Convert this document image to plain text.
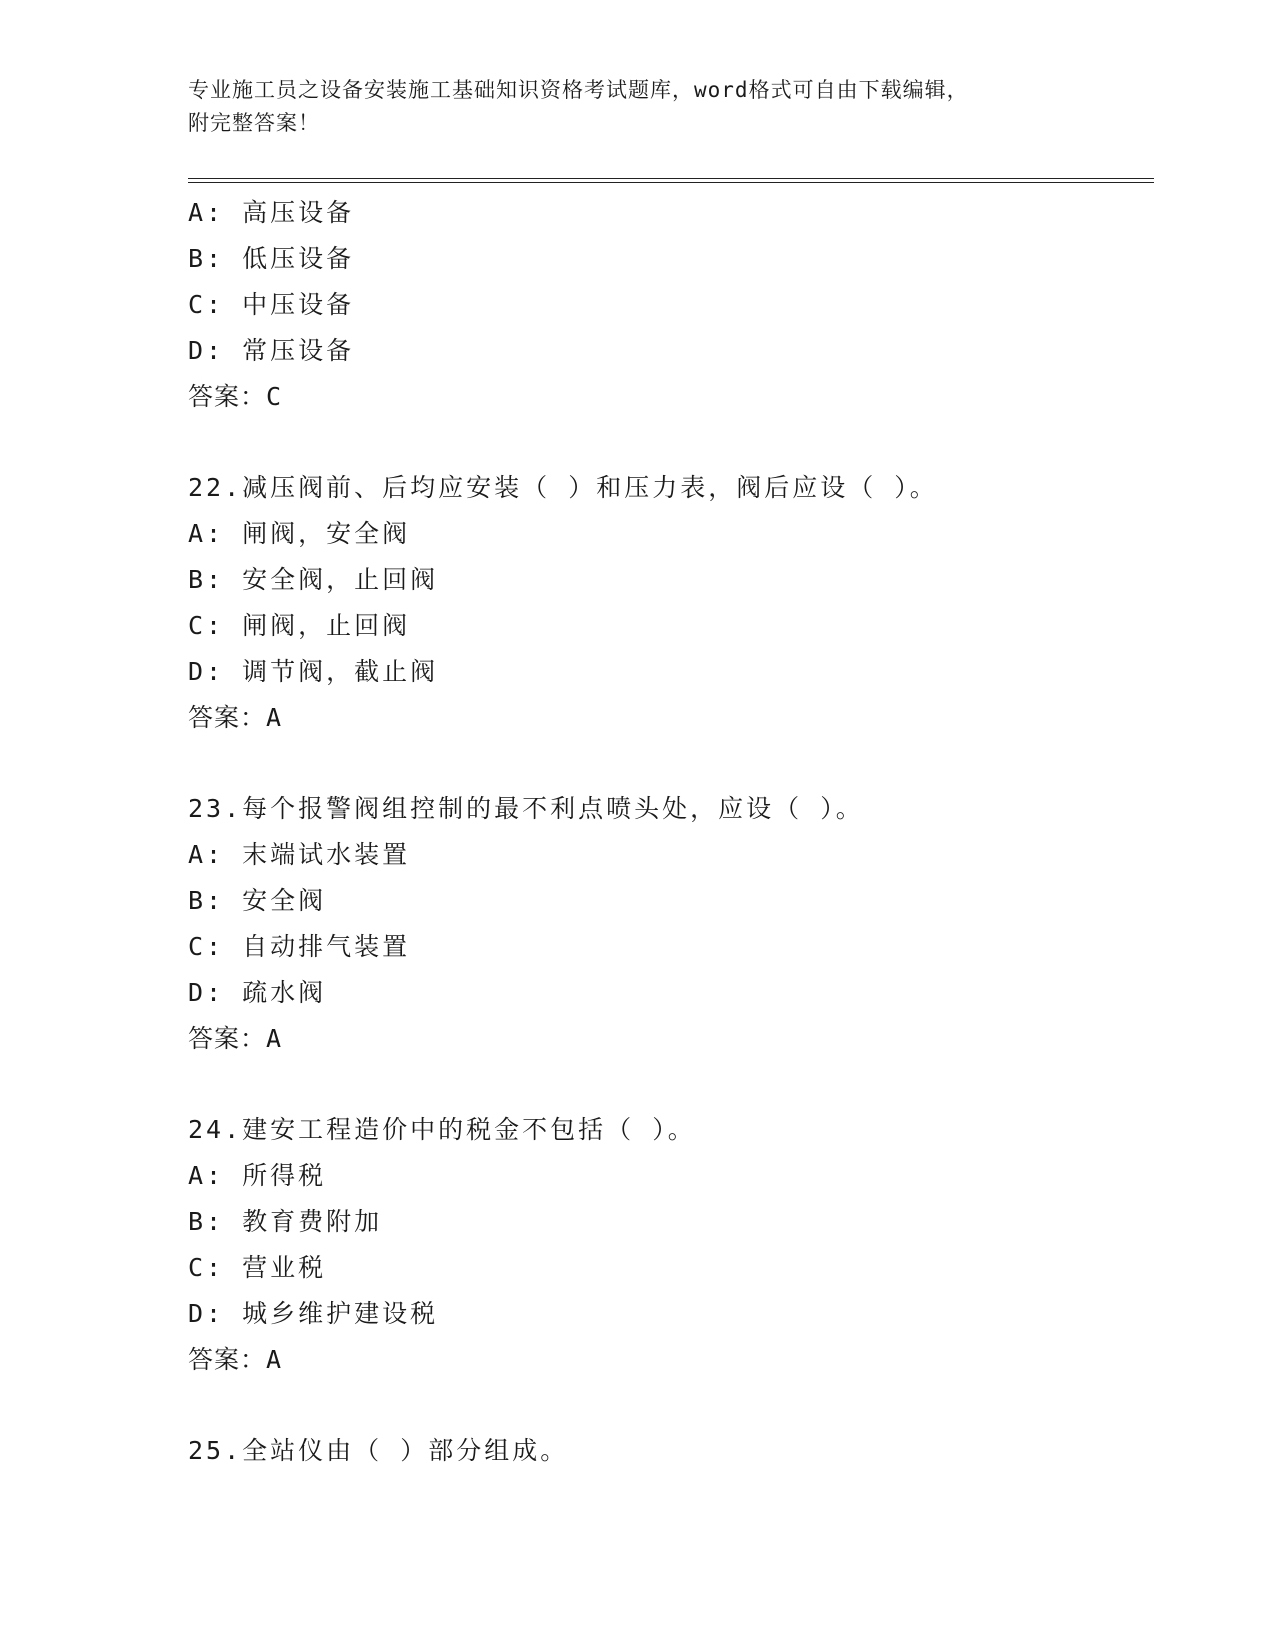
专业施工员之设备安装施工基础知识资格考试题库，word格式可自由下载编辑，
附完整答案！
A: 高压设备
B: 低压设备
C: 中压设备
D: 常压设备
答案：C
22.减压阀前、后均应安装（ ）和压力表，阀后应设（ ）。
A: 闸阀，安全阀
B: 安全阀，止回阀
C: 闸阀，止回阀
D: 调节阀，截止阀
答案：A
23.每个报警阀组控制的最不利点喷头处，应设（ ）。
A: 末端试水装置
B: 安全阀
C: 自动排气装置
D: 疏水阀
答案：A
24.建安工程造价中的税金不包括（ ）。
A: 所得税
B: 教育费附加
C: 营业税
D: 城乡维护建设税
答案：A
25.全站仪由（ ）部分组成。
